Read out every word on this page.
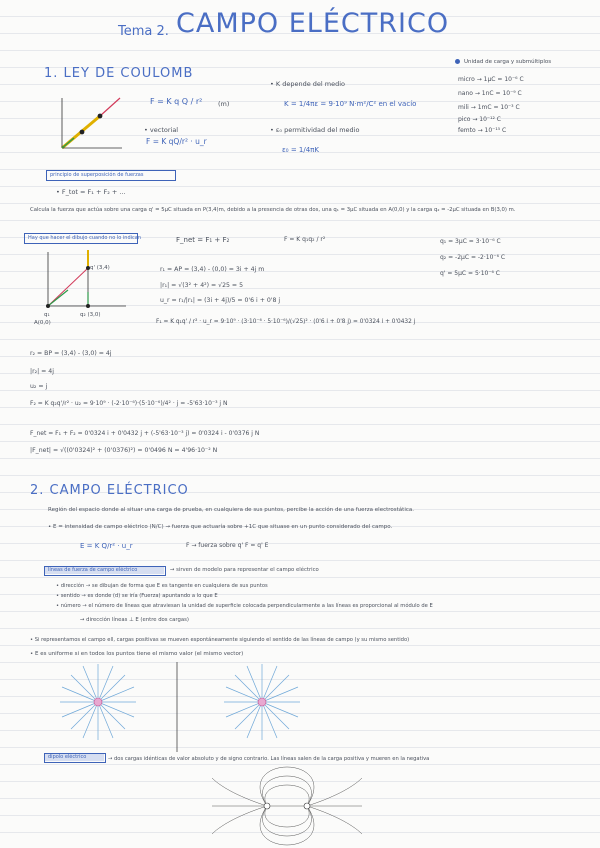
Tema 2. CAMPO ELÉCTRICO
1. LEY DE COULOMB
F = K q Q / r² (m)
• vectorial
F = K qQ/r² · u_r
• K depende del medio
K = 1/4πε = 9·10⁹ N·m²/C² en el vacío
• ε₀ permitividad del medio
ε₀ = 1/4πK
Unidad de carga y submúltiplos
micro → 1μC = 10⁻⁶ C
nano → 1nC = 10⁻⁹ C
mili → 1mC = 10⁻³ C
pico → 10⁻¹² C
femto → 10⁻¹⁵ C
principio de superposición de fuerzas
• F_tot = F₁ + F₂ + ...
Calcula la fuerza que actúa sobre una carga q' = 5μC situada en P(3,4)m, debido a la presencia de otras dos, una q₁ = 3μC situada en A(0,0) y la carga q₂ = -2μC situada en B(3,0) m.
Hay que hacer el dibujo cuando no lo indican
q₁
A(0,0)
q₂ (3,0)
q' (3,4)
F_net = F₁ + F₂	F = K q₁q₂ / r²	q₁ = 3μC = 3·10⁻⁶ C
q₂ = -2μC = -2·10⁻⁶ C
q' = 5μC = 5·10⁻⁶ C
r₁ = AP = (3,4) - (0,0) = 3i + 4j m
|r₁| = √(3² + 4²) = √25 = 5
u_r = r₁/|r₁| = (3i + 4j)/5 = 0'6 i + 0'8 j
F₁ = K q₁q' / r² · u_r = 9·10⁹ · (3·10⁻⁶ · 5·10⁻⁶)/(√25)² · (0'6 i + 0'8 j) = 0'0324 i + 0'0432 j
r₂ = BP = (3,4) - (3,0) = 4j
|r₂| = 4j
u₂ = j
F₂ = K q₂q'/r² · u₂ = 9·10⁹ · (-2·10⁻⁶)·(5·10⁻⁶)/4² · j = -5'63·10⁻³ j N
F_net = F₁ + F₂ = 0'0324 i + 0'0432 j + (-5'63·10⁻³ j) = 0'0324 i - 0'0376 j N
|F_net| = √((0'0324)² + (0'0376)²) = 0'0496 N = 4'96·10⁻² N
2. CAMPO ELÉCTRICO
Región del espacio donde al situar una carga de prueba, en cualquiera de sus puntos, percibe la acción de una fuerza electrostática.
• E = intensidad de campo eléctrico (N/C) → fuerza que actuaría sobre +1C que situase en un punto considerado del campo.
E = K Q/r² · u_r	F → fuerza sobre q' F = q' E
líneas de fuerza de campo eléctrico	→ sirven de modelo para representar el campo eléctrico
• dirección → se dibujan de forma que E es tangente en cualquiera de sus puntos
• sentido → es donde (d) se iría (Fuerza) apuntando a lo que E
• número → el número de líneas que atraviesan la unidad de superficie colocada perpendicularmente a las líneas es proporcional al módulo de E
→ dirección líneas ⊥ E (entre dos cargas)
• Si representamos el campo ell, cargas positivas se mueven espontáneamente siguiendo el sentido de las líneas de campo (y su mismo sentido)
• E es uniforme si en todos los puntos tiene el mismo valor (el mismo vector)
dipolo eléctrico	→ dos cargas idénticas de valor absoluto y de signo contrario. Las líneas salen de la carga positiva y mueren en la negativa
